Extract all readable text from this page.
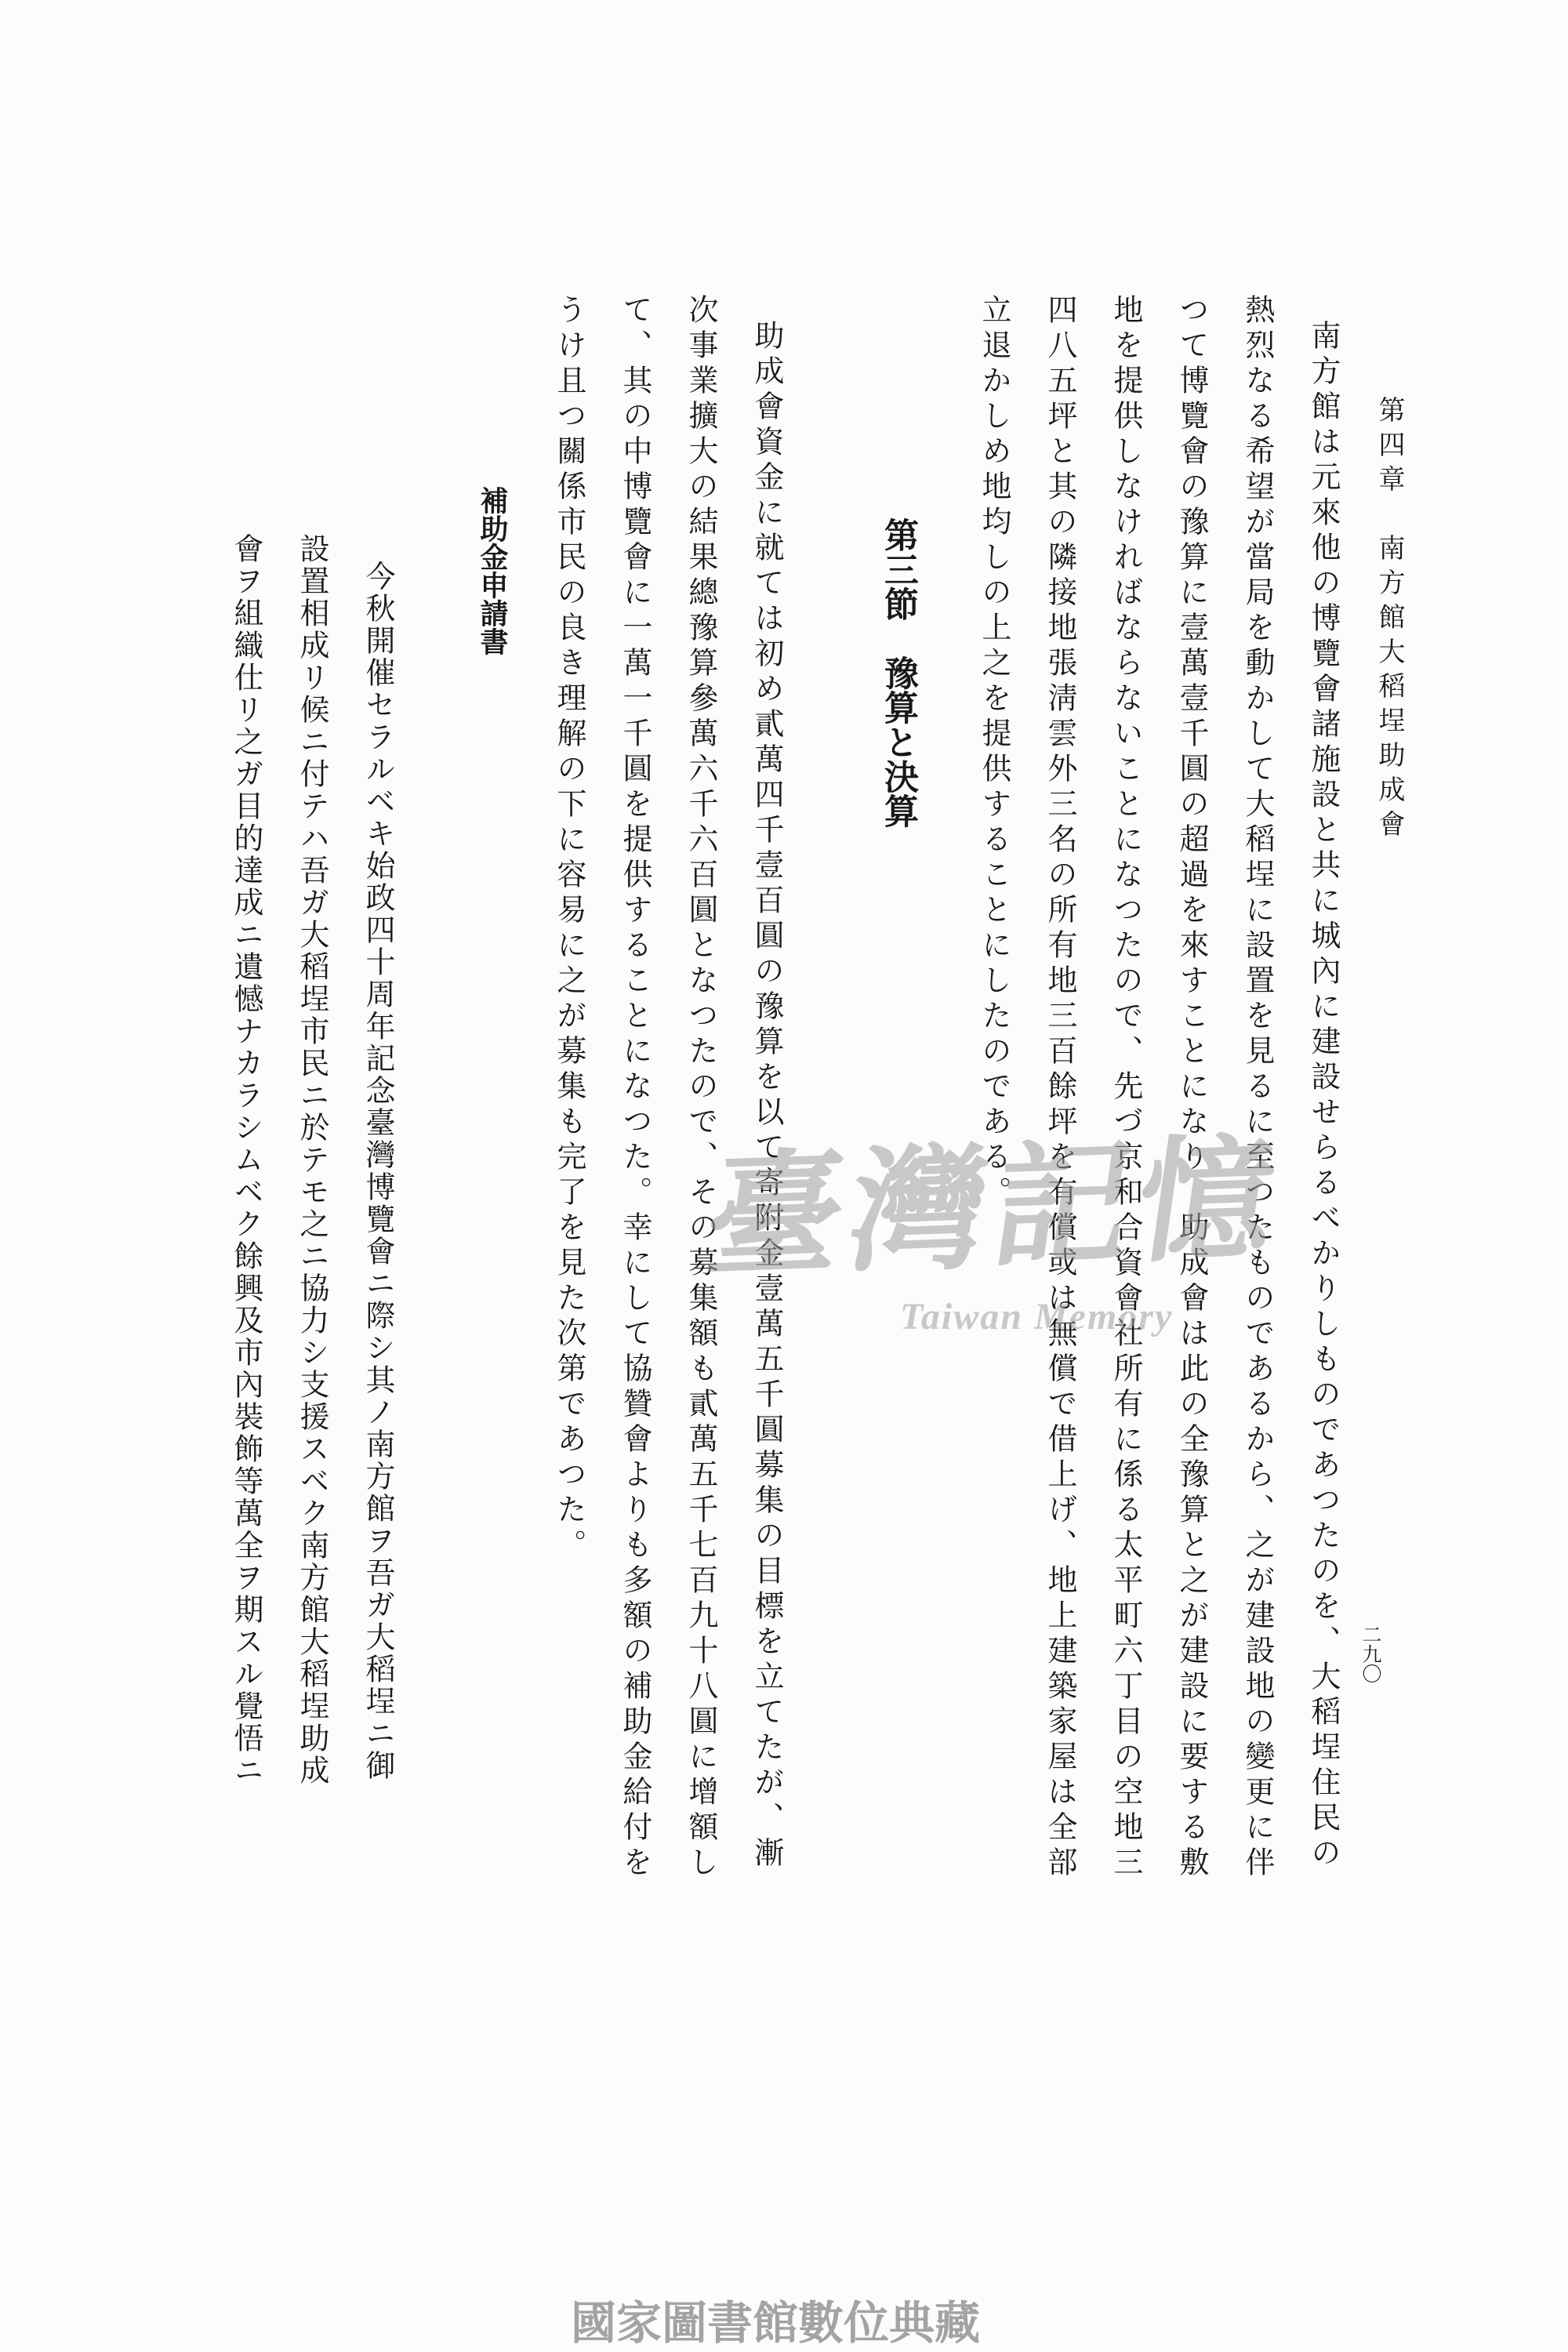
第四章　南方館大稻埕助成會
南方館は元來他の博覽會諸施設と共に城內に建設せらるべかりしものであつたのを、大稻埕住民の
熱烈なる希望が當局を動かして大稻埕に設置を見るに至つたものであるから、之が建設地の變更に伴
つて博覽會の豫算に壹萬壹千圓の超過を來すことになり　助成會は此の全豫算と之が建設に要する敷
地を提供しなければならないことになつたので、先づ京和合資會社所有に係る太平町六丁目の空地三
四八五坪と其の隣接地張淸雲外三名の所有地三百餘坪を有償或は無償で借上げ、地上建築家屋は全部
立退かしめ地均しの上之を提供することにしたのである。
第三節　豫算と決算
助成會資金に就ては初め貳萬四千壹百圓の豫算を以て寄附金壹萬五千圓募集の目標を立てたが、漸
次事業擴大の結果總豫算參萬六千六百圓となつたので、その募集額も貳萬五千七百九十八圓に增額し
て、其の中博覽會に一萬一千圓を提供することになつた。幸にして協贊會よりも多額の補助金給付を
うけ且つ關係市民の良き理解の下に容易に之が募集も完了を見た次第であつた。
補助金申請書
今秋開催セラルベキ始政四十周年記念臺灣博覽會ニ際シ其ノ南方館ヲ吾ガ大稻埕ニ御
設置相成リ候ニ付テハ吾ガ大稻埕市民ニ於テモ之ニ協力シ支援スベク南方館大稻埕助成
會ヲ組織仕リ之ガ目的達成ニ遺憾ナカラシムベク餘興及市內裝飾等萬全ヲ期スル覺悟ニ	二九〇
臺灣記憶
Taiwan Memory
國家圖書館數位典藏
